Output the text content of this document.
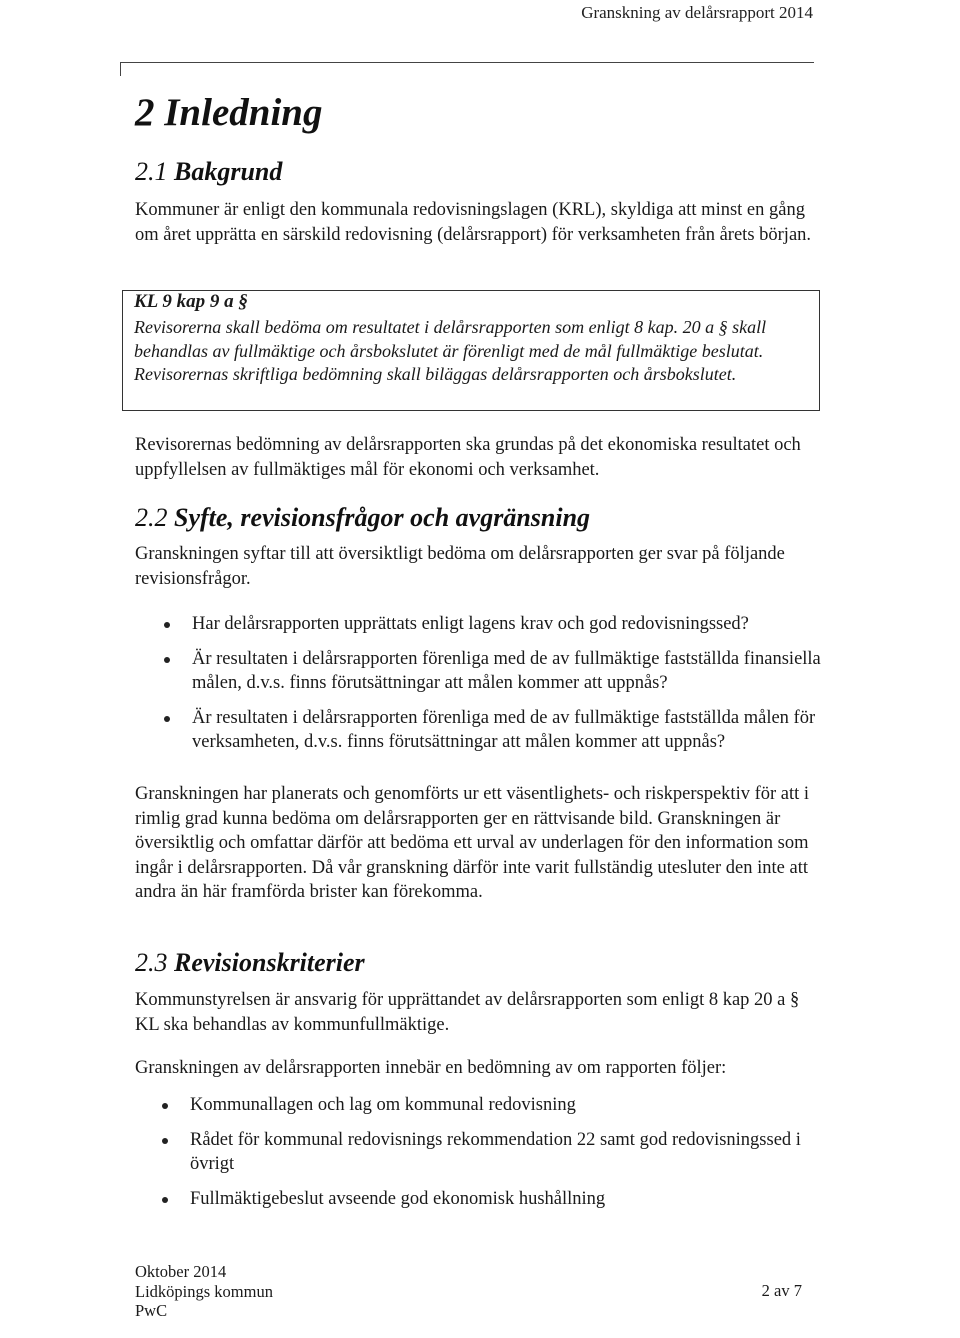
Granskning av delårsrapport 2014
2 Inledning
2.1 Bakgrund

Kommuner är enligt den kommunala redovisningslagen (KRL), skyldiga att minst en gång om året upprätta en särskild redovisning (delårsrapport) för verksamheten från årets början.

KL 9 kap 9 a §

Revisorerna skall bedöma om resultatet i delårsrapporten som enligt 8 kap. 20 a § skall behandlas av fullmäktige och årsbokslutet är förenligt med de mål fullmäktige beslutat. Revisorernas skriftliga bedömning skall biläggas delårsrapporten och årsbokslutet.

Revisorernas bedömning av delårsrapporten ska grundas på det ekonomiska resultatet och uppfyllelsen av fullmäktiges mål för ekonomi och verksamhet.

2.2 Syfte, revisionsfrågor och avgränsning

Granskningen syftar till att översiktligt bedöma om delårsrapporten ger svar på följande revisionsfrågor.

Har delårsrapporten upprättats enligt lagens krav och god redovisningssed?
Är resultaten i delårsrapporten förenliga med de av fullmäktige fastställda finansiella målen, d.v.s. finns förutsättningar att målen kommer att uppnås?
Är resultaten i delårsrapporten förenliga med de av fullmäktige fastställda målen för verksamheten, d.v.s. finns förutsättningar att målen kommer att uppnås?

Granskningen har planerats och genomförts ur ett väsentlighets- och riskperspektiv för att i rimlig grad kunna bedöma om delårsrapporten ger en rättvisande bild. Granskningen är översiktlig och omfattar därför att bedöma ett urval av underlagen för den information som ingår i delårsrapporten. Då vår granskning därför inte varit fullständig utesluter den inte att andra än här framförda brister kan förekomma.

2.3 Revisionskriterier

Kommunstyrelsen är ansvarig för upprättandet av delårsrapporten som enligt 8 kap 20 a § KL ska behandlas av kommunfullmäktige.

Granskningen av delårsrapporten innebär en bedömning av om rapporten följer:

Kommunallagen och lag om kommunal redovisning
Rådet för kommunal redovisnings rekommendation 22 samt god redovisningssed i övrigt
Fullmäktigebeslut avseende god ekonomisk hushållning
Oktober 2014
Lidköpings kommun
PwC
2 av 7
